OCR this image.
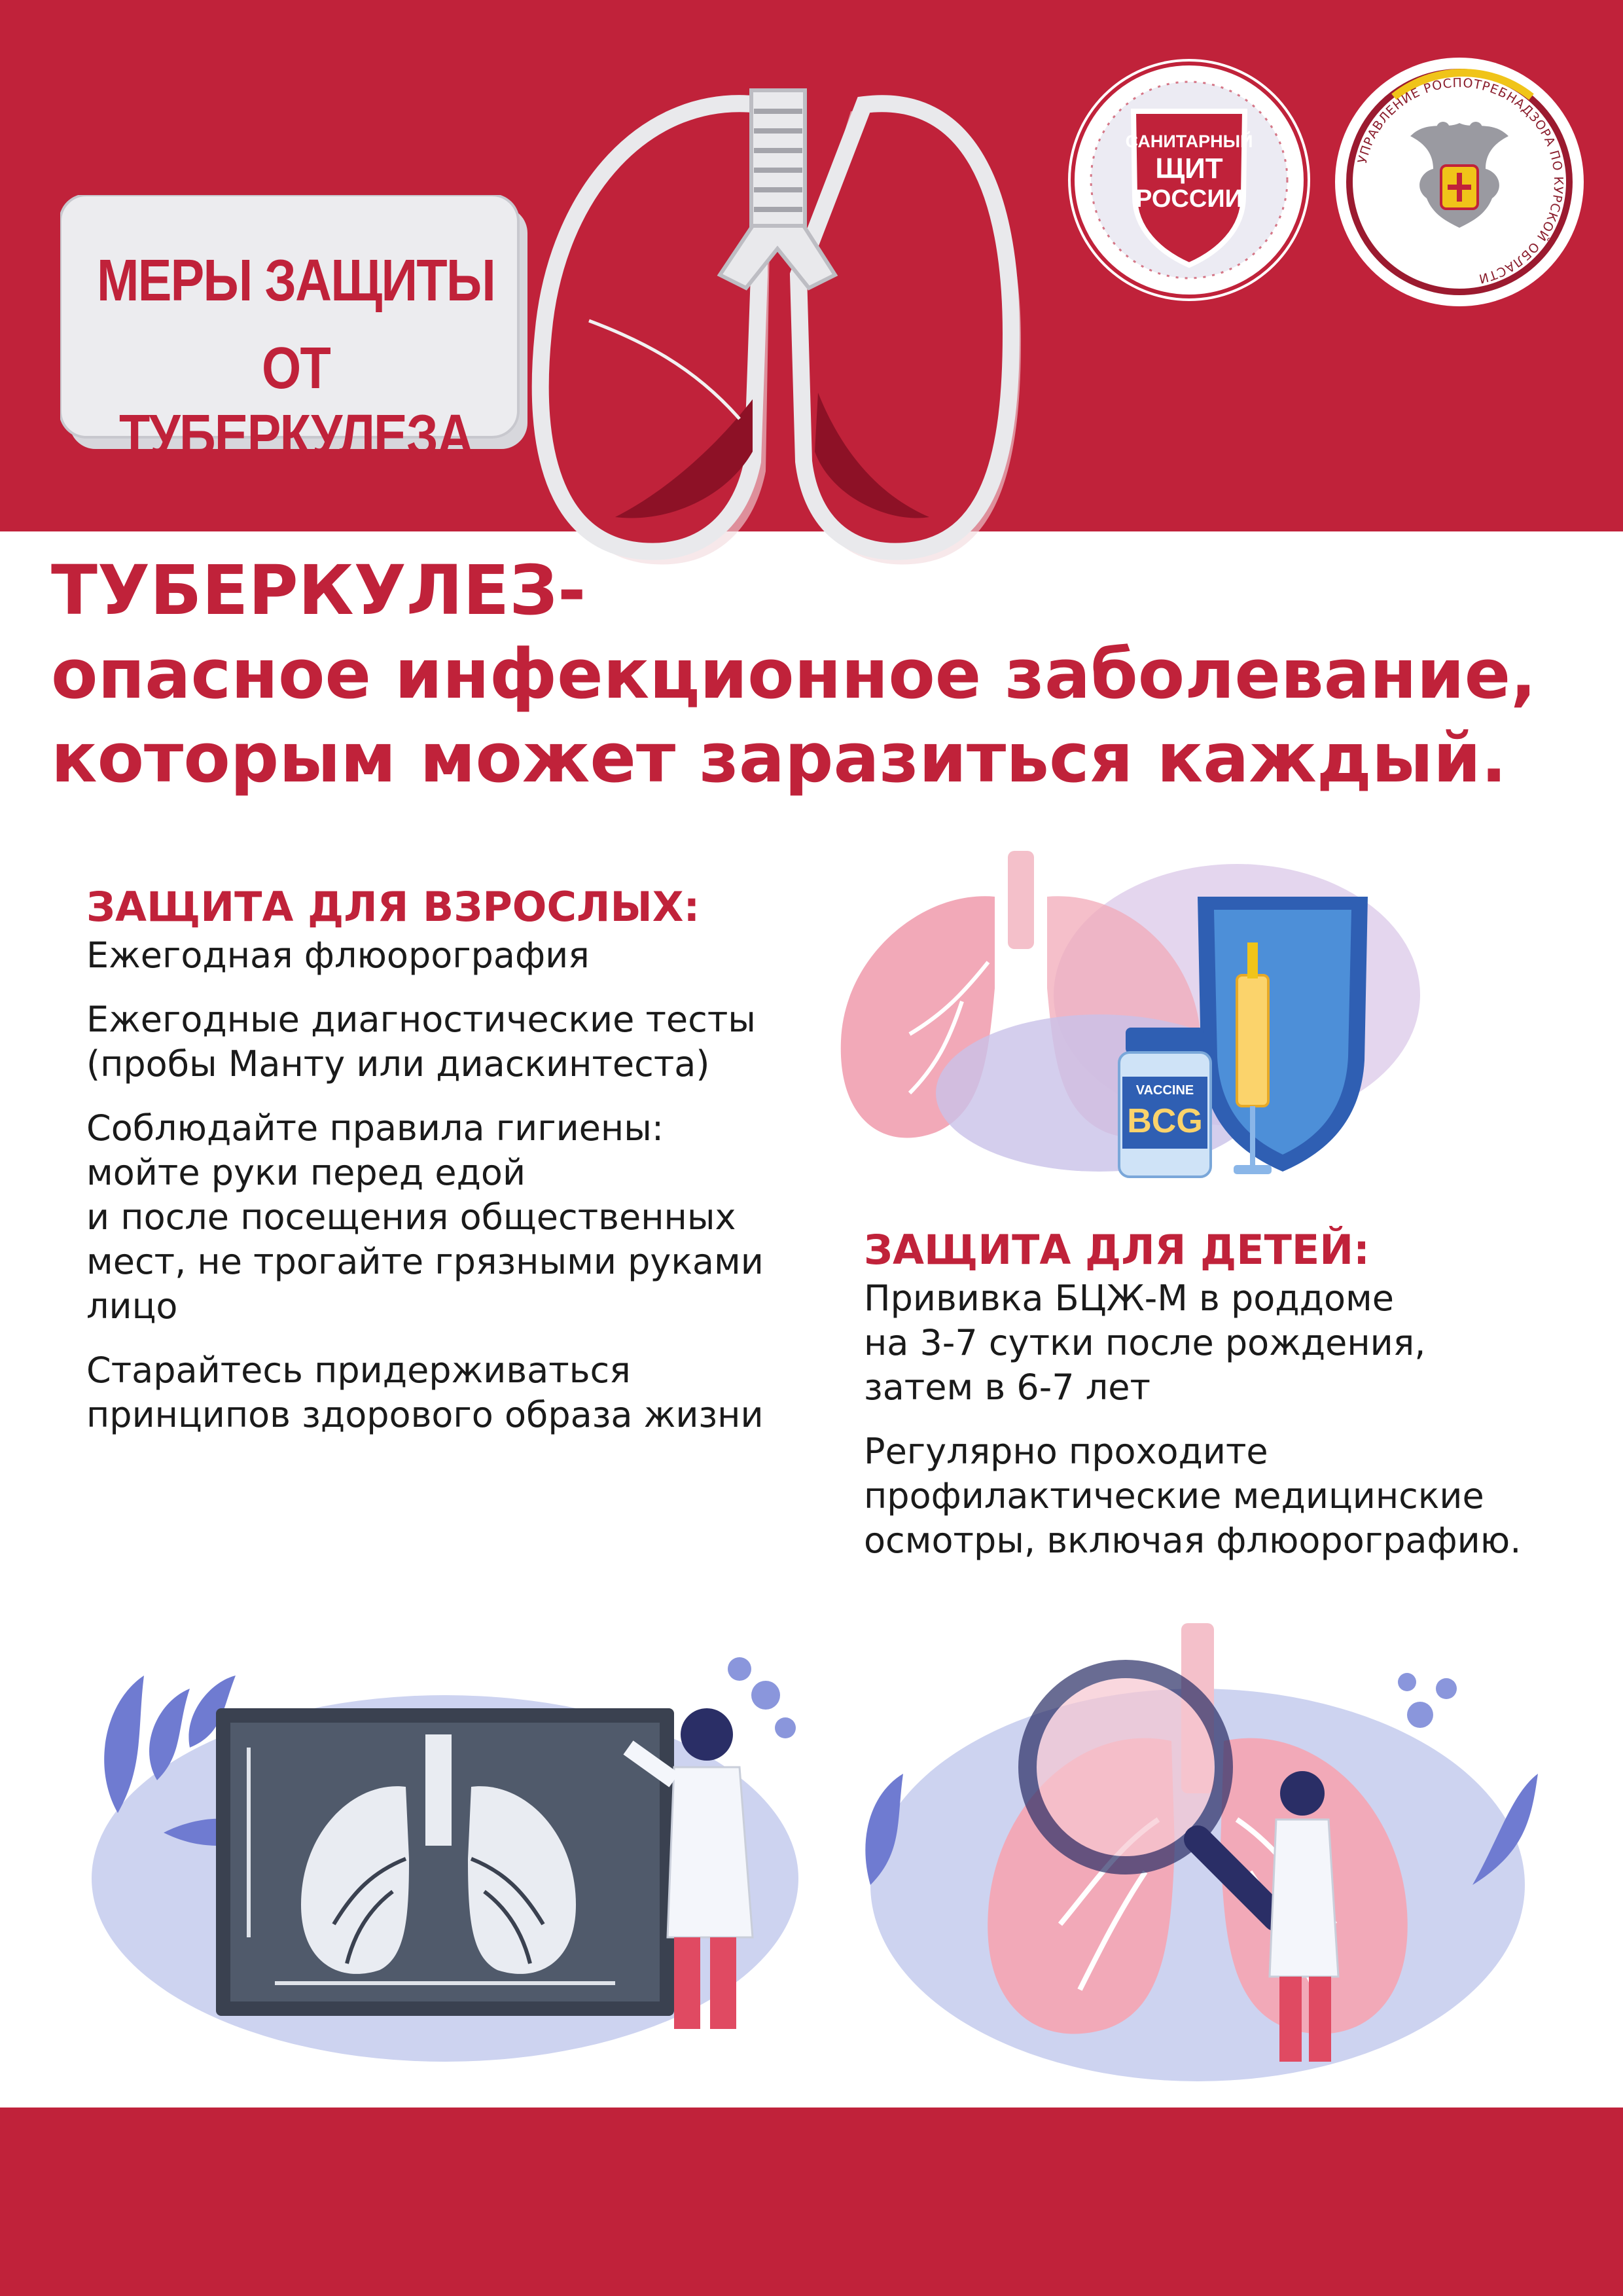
МЕРЫ ЗАЩИТЫ
ОТ ТУБЕРКУЛЕЗА
САНИТАРНЫЙ
ЩИТ
РОССИИ
УПРАВЛЕНИЕ РОСПОТРЕБНАДЗОРА ПО КУРСКОЙ ОБЛАСТИ
ТУБЕРКУЛЕЗ-
опасное инфекционное заболевание,
которым может заразиться каждый.
ЗАЩИТА ДЛЯ ВЗРОСЛЫХ:

Ежегодная флюорография

Ежегодные диагностические тесты
(пробы Манту или диаскинтеста)

Соблюдайте правила гигиены:
мойте руки перед едой
и после посещения общественных
мест, не трогайте грязными руками
лицо

Старайтесь придерживаться
принципов здорового образа жизни

ЗАЩИТА ДЛЯ ДЕТЕЙ:

Прививка БЦЖ-М в роддоме
на 3-7 сутки после рождения,
затем в 6-7 лет

Регулярно проходите
профилактические медицинские
осмотры, включая флюорографию.

VACCINE
BCG
